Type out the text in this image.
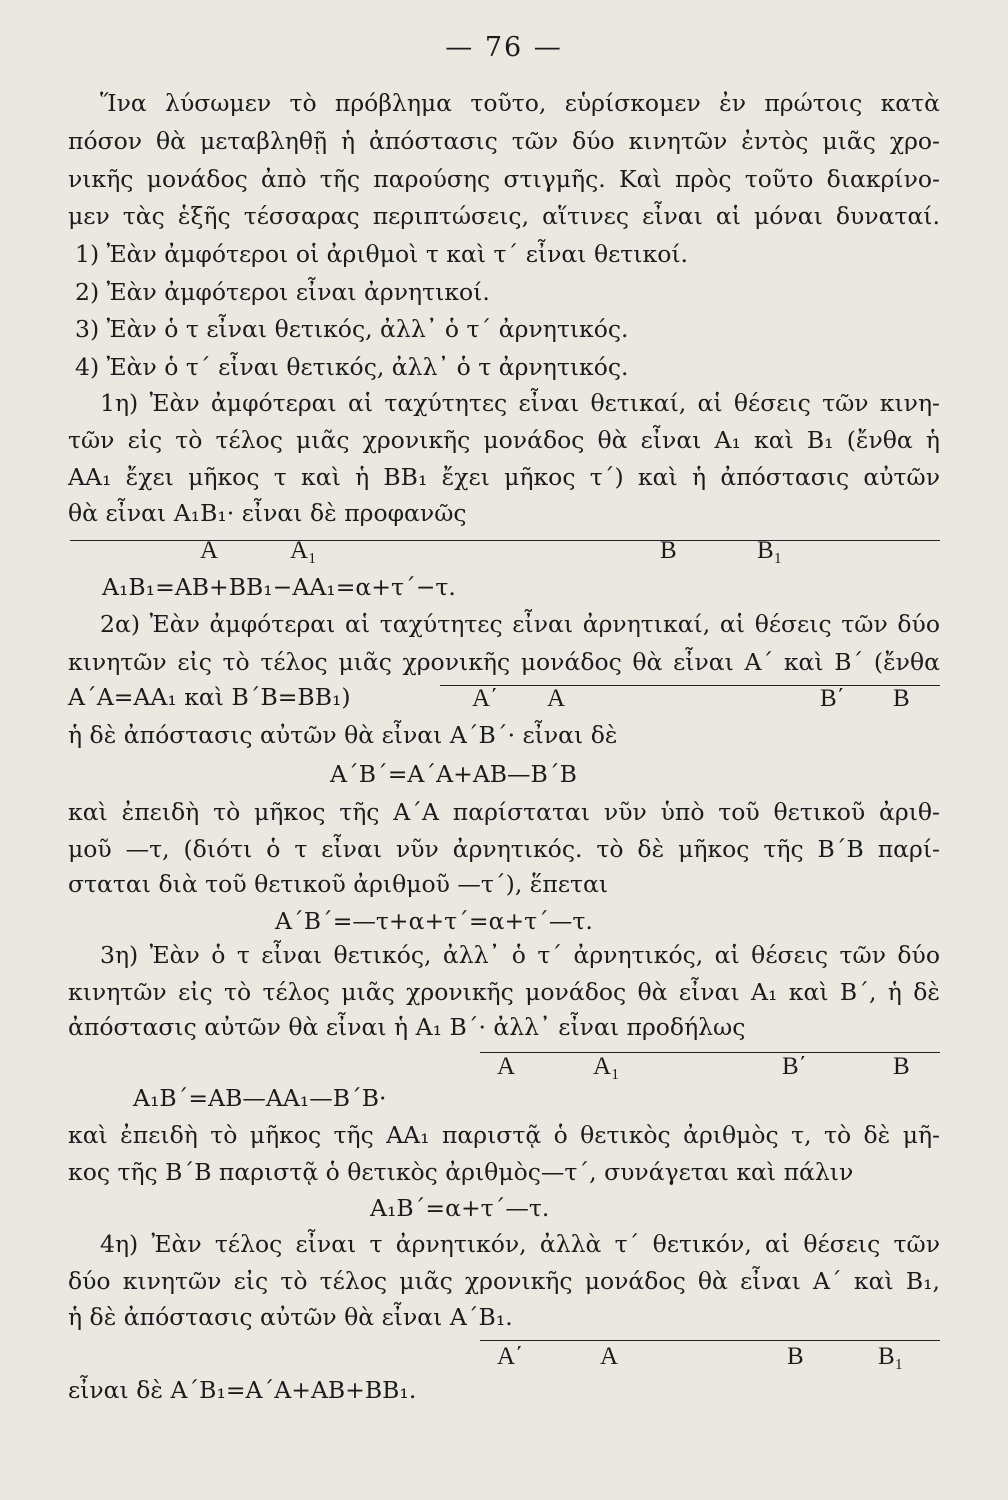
— 76 —
Ἵνα λύσωμεν τὸ πρόβλημα τοῦτο, εὑρίσκομεν ἐν πρώτοις κατὰ
πόσον θὰ μεταβληθῇ ἡ ἀπόστασις τῶν δύο κινητῶν ἐντὸς μιᾶς χρο-
νικῆς μονάδος ἀπὸ τῆς παρούσης στιγμῆς. Καὶ πρὸς τοῦτο διακρίνο-
μεν τὰς ἑξῆς τέσσαρας περιπτώσεις, αἵτινες εἶναι αἱ μόναι δυναταί.
1) Ἐὰν ἀμφότεροι οἱ ἀριθμοὶ τ καὶ τ΄ εἶναι θετικοί.
2) Ἐὰν ἀμφότεροι εἶναι ἀρνητικοί.
3) Ἐὰν ὁ τ εἶναι θετικός, ἀλλ᾽ ὁ τ΄ ἀρνητικός.
4) Ἐὰν ὁ τ΄ εἶναι θετικός, ἀλλ᾽ ὁ τ ἀρνητικός.
1η) Ἐὰν ἀμφότεραι αἱ ταχύτητες εἶναι θετικαί, αἱ θέσεις τῶν κινη-
τῶν εἰς τὸ τέλος μιᾶς χρονικῆς μονάδος θὰ εἶναι A₁ καὶ B₁ (ἔνθα ἡ
AA₁ ἔχει μῆκος τ καὶ ἡ BB₁ ἔχει μῆκος τ΄) καὶ ἡ ἀπόστασις αὐτῶν
θὰ εἶναι A₁B₁· εἶναι δὲ προφανῶς
A	A₁	B	B₁
A₁B₁=AB+BB₁−AA₁=α+τ΄−τ.
2α) Ἐὰν ἀμφότεραι αἱ ταχύτητες εἶναι ἀρνητικαί, αἱ θέσεις τῶν δύο
κινητῶν εἰς τὸ τέλος μιᾶς χρονικῆς μονάδος θὰ εἶναι A΄ καὶ B΄ (ἔνθα
A΄A=AA₁ καὶ B΄B=BB₁)	A΄ A	B΄ B
ἡ δὲ ἀπόστασις αὐτῶν θὰ εἶναι A΄B΄· εἶναι δὲ
A΄B΄=A΄A+AB—B΄B
καὶ ἐπειδὴ τὸ μῆκος τῆς A΄A παρίσταται νῦν ὑπὸ τοῦ θετικοῦ ἀριθ-
μοῦ —τ, (διότι ὁ τ εἶναι νῦν ἀρνητικός. τὸ δὲ μῆκος τῆς B΄B παρί-
σταται διὰ τοῦ θετικοῦ ἀριθμοῦ —τ΄), ἕπεται
A΄B΄=—τ+α+τ΄=α+τ΄—τ.
3η) Ἐὰν ὁ τ εἶναι θετικός, ἀλλ᾽ ὁ τ΄ ἀρνητικός, αἱ θέσεις τῶν δύο
κινητῶν εἰς τὸ τέλος μιᾶς χρονικῆς μονάδος θὰ εἶναι A₁ καὶ B΄, ἡ δὲ
ἀπόστασις αὐτῶν θὰ εἶναι ἡ A₁ B΄· ἀλλ᾽ εἶναι προδήλως
A	A₁	B΄	B
A₁B΄=AB—AA₁—B΄B·
καὶ ἐπειδὴ τὸ μῆκος τῆς AA₁ παριστᾷ ὁ θετικὸς ἀριθμὸς τ, τὸ δὲ μῆ-
κος τῆς B΄B παριστᾷ ὁ θετικὸς ἀριθμὸς—τ΄, συνάγεται καὶ πάλιν
A₁B΄=α+τ΄—τ.
4η) Ἐὰν τέλος εἶναι τ ἀρνητικόν, ἀλλὰ τ΄ θετικόν, αἱ θέσεις τῶν
δύο κινητῶν εἰς τὸ τέλος μιᾶς χρονικῆς μονάδος θὰ εἶναι A΄ καὶ B₁,
ἡ δὲ ἀπόστασις αὐτῶν θὰ εἶναι A΄B₁.
A΄	A	B	B₁
εἶναι δὲ A΄B₁=A΄A+AB+BB₁.
